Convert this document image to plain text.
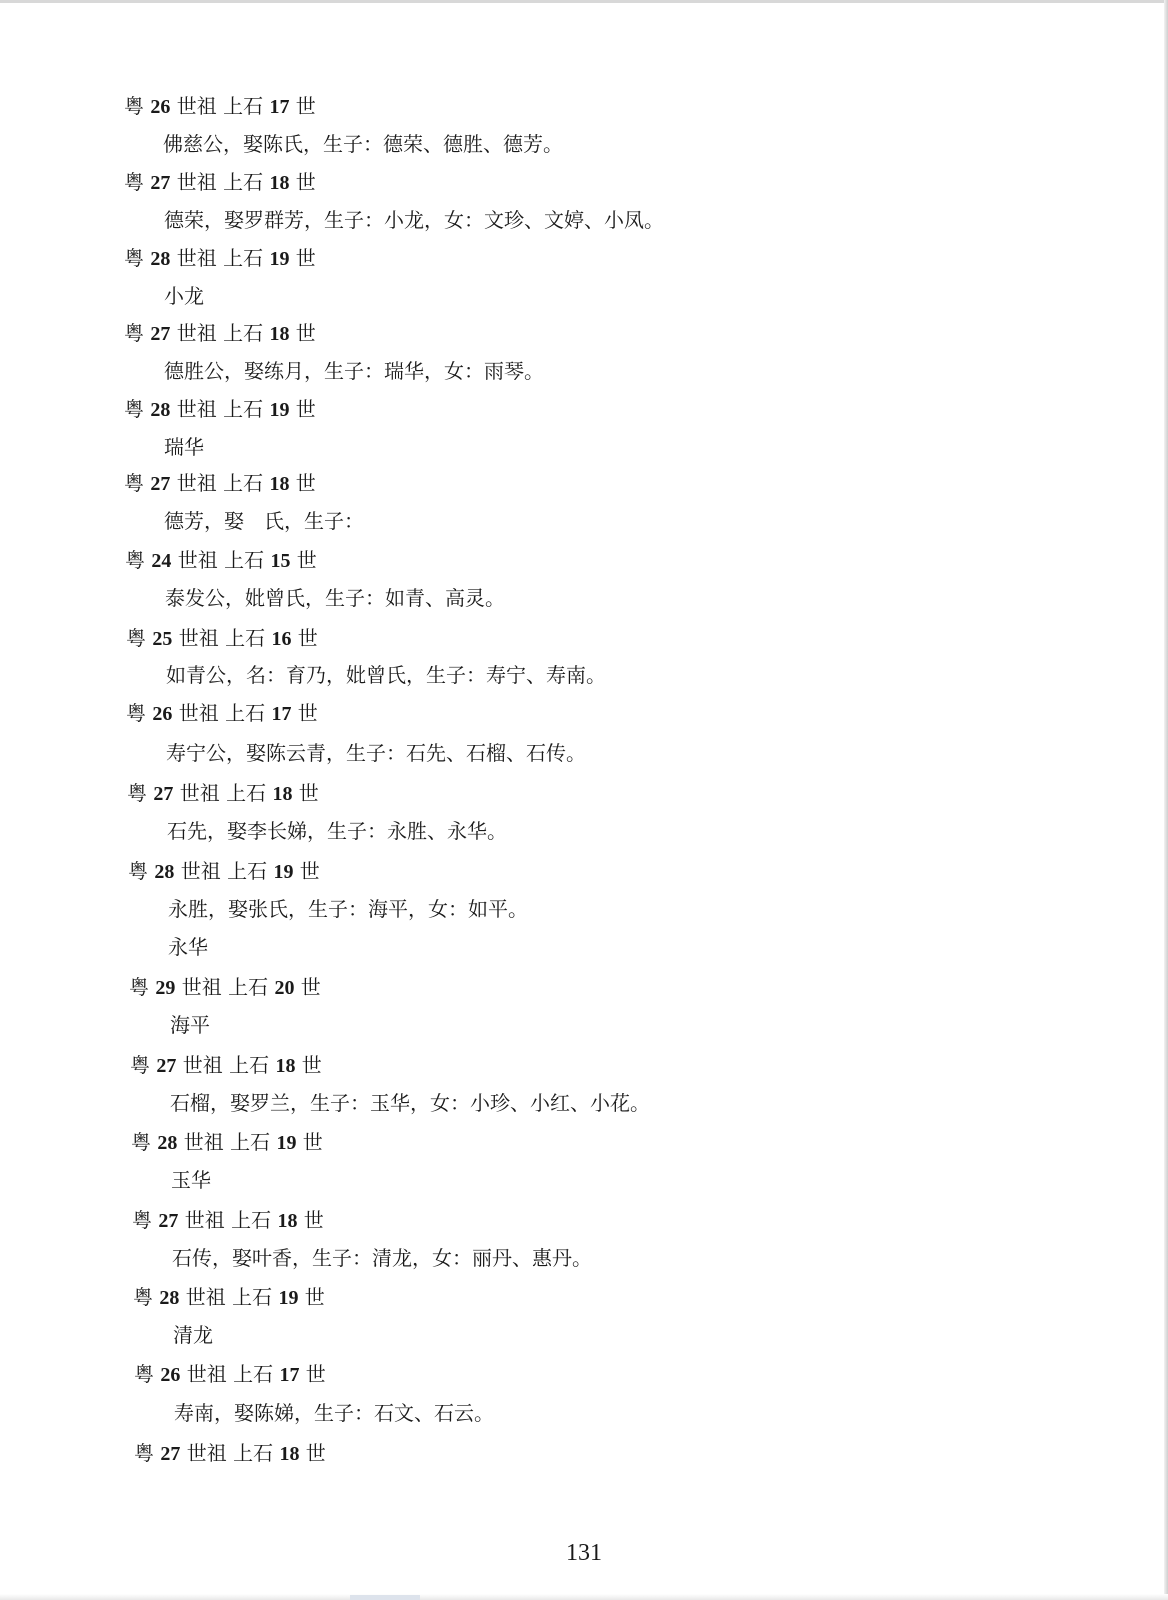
粤 26 世祖 上石 17 世
佛慈公，娶陈氏，生子：德荣、德胜、德芳。
粤 27 世祖 上石 18 世
德荣，娶罗群芳，生子：小龙，女：文珍、文婷、小凤。
粤 28 世祖 上石 19 世
小龙
粤 27 世祖 上石 18 世
德胜公，娶练月，生子：瑞华，女：雨琴。
粤 28 世祖 上石 19 世
瑞华
粤 27 世祖 上石 18 世
德芳，娶　氏，生子：
粤 24 世祖 上石 15 世
泰发公，妣曾氏，生子：如青、高灵。
粤 25 世祖 上石 16 世
如青公，名：育乃，妣曾氏，生子：寿宁、寿南。
粤 26 世祖 上石 17 世
寿宁公，娶陈云青，生子：石先、石榴、石传。
粤 27 世祖 上石 18 世
石先，娶李长娣，生子：永胜、永华。
粤 28 世祖 上石 19 世
永胜，娶张氏，生子：海平，女：如平。
永华
粤 29 世祖 上石 20 世
海平
粤 27 世祖 上石 18 世
石榴，娶罗兰，生子：玉华，女：小珍、小红、小花。
粤 28 世祖 上石 19 世
玉华
粤 27 世祖 上石 18 世
石传，娶叶香，生子：清龙，女：丽丹、惠丹。
粤 28 世祖 上石 19 世
清龙
粤 26 世祖 上石 17 世
寿南，娶陈娣，生子：石文、石云。
粤 27 世祖 上石 18 世
131
